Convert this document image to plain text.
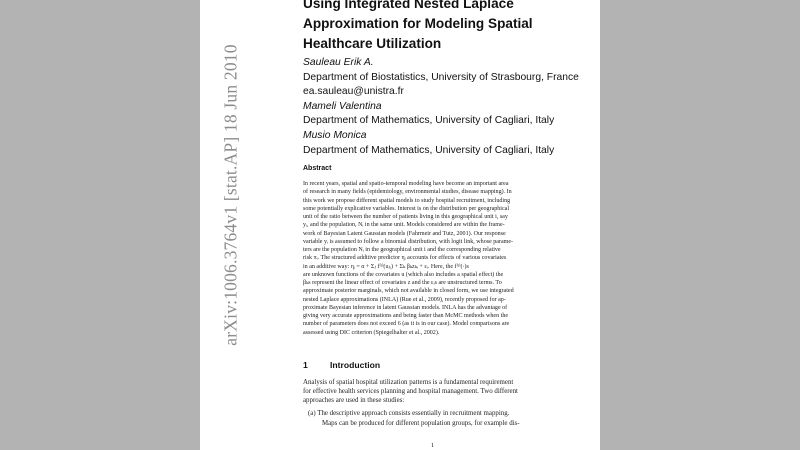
arXiv:1006.3764v1 [stat.AP] 18 Jun 2010
Using Integrated Nested Laplace
Approximation for Modeling Spatial
Healthcare Utilization
Sauleau Erik A.
Department of Biostatistics, University of Strasbourg, France
ea.sauleau@unistra.fr
Mameli Valentina
Department of Mathematics, University of Cagliari, Italy
Musio Monica
Department of Mathematics, University of Cagliari, Italy
Abstract
In recent years, spatial and spatio-temporal modeling have become an important area
of research in many fields (epidemiology, environmental studies, disease mapping). In
this work we propose different spatial models to study hospital recruitment, including
some potentially explicative variables. Interest is on the distribution per geographical
unit of the ratio between the number of patients living in this geographical unit i, say
yᵢ, and the population, Nᵢ in the same unit. Models considered are within the frame-
work of Bayesian Latent Gaussian models (Fahrmeir and Tutz, 2001). Our response
variable yᵢ is assumed to follow a binomial distribution, with logit link, whose parame-
ters are the population Nᵢ in the geographical unit i and the corresponding relative
risk πᵢ. The structured additive predictor ηᵢ accounts for effects of various covariates
in an additive way: ηᵢ = α + Σⱼ f⁽ʲ⁾(uⱼᵢ) + Σₖ βₖzₖᵢ + εᵢ. Here, the f⁽ʲ⁾(·)s
are unknown functions of the covariates u (which also includes a spatial effect) the
βₖs represent the linear effect of covariates z and the εᵢs are unstructured terms. To
approximate posterior marginals, which not available in closed form, we use integrated
nested Laplace approximations (INLA) (Rue et al., 2009), recently proposed for ap-
proximate Bayesian inference in latent Gaussian models. INLA has the advantage of
giving very accurate approximations and being faster than McMC methods when the
number of parameters does not exceed 6 (as it is in our case). Model comparisons are
assessed using DIC criterion (Spiegelhalter et al., 2002).
1	Introduction
Analysis of spatial hospital utilization patterns is a fundamental requirement
for effective health services planning and hospital management. Two different
approaches are used in these studies:
(a) The descriptive approach consists essentially in recruitment mapping.
Maps can be produced for different population groups, for example dis-
1
